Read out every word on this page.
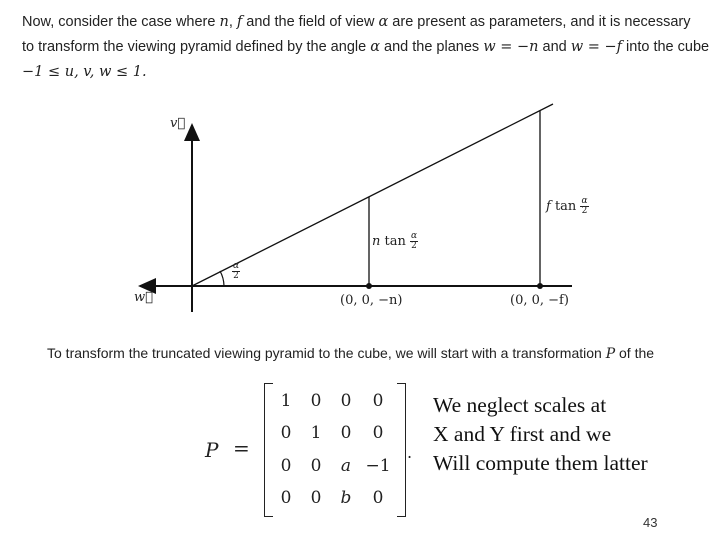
Now, consider the case where n, f and the field of view α are present as parameters, and it is necessary
to transform the viewing pyramid defined by the angle α and the planes w = −n and w = −f into the cube
−1 ≤ u, v, w ≤ 1.
v⃗
w⃗
$\frac{\alpha}{2}$
n $\tan \frac{\alpha}{2}$
f $\tan \frac{\alpha}{2}$
(0, 0, −n)	(0, 0, −f)
To transform the truncated viewing pyramid to the cube, we will start with a transformation P of the
P =
1	0	0	0
0	1	0	0
0	0	a −1
0	0	b	0
.
We neglect scales at
X and Y first and we
Will compute them latter
43
